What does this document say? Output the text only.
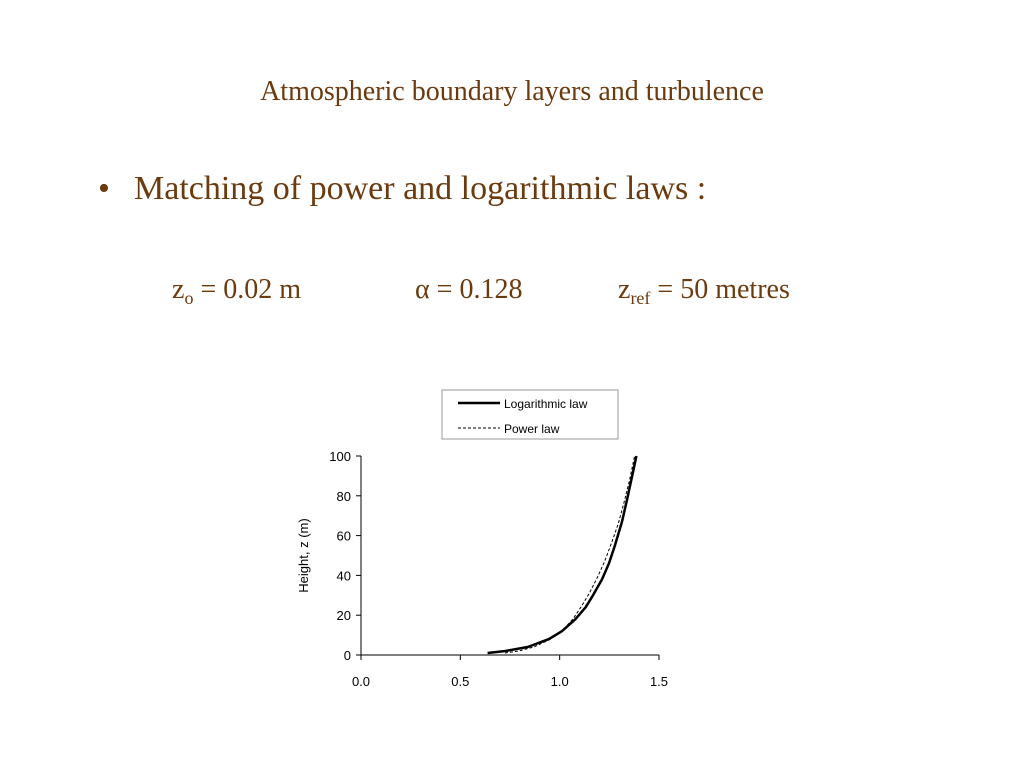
Atmospheric boundary layers and turbulence
• Matching of power and logarithmic laws :
$z_o = 0.02$ m	α = 0.128	$z_{ref} = 50$ metres
Logarithmic law
Power law
0
20
40
60
80
100
0.0	0.5	1.0	1.5
Height, z (m)
